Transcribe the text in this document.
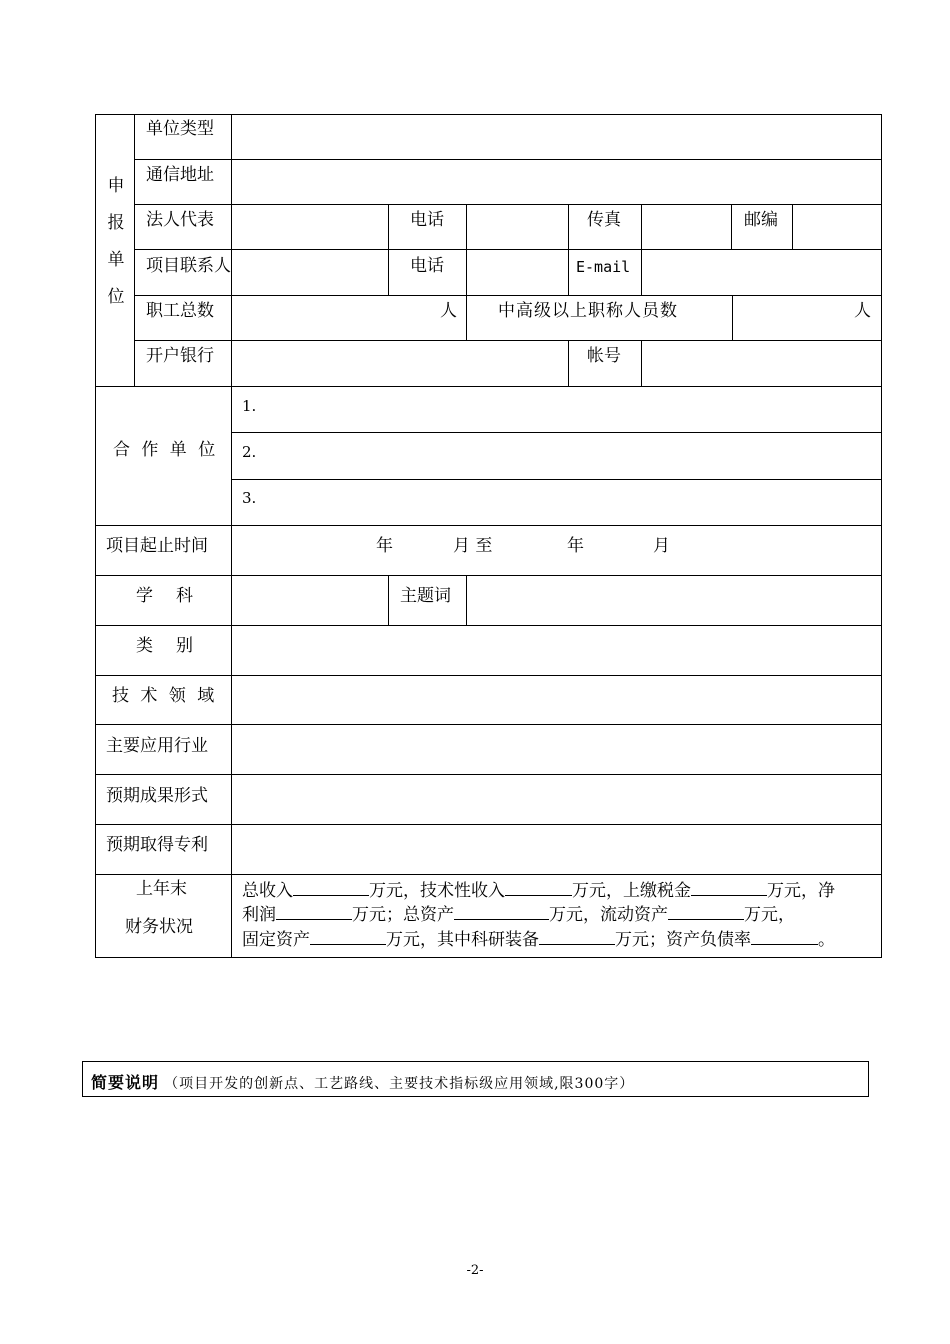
申
报
单
位
单位类型
通信地址
法人代表	电话	传真	邮编
项目联系人	电话	E-mail
职工总数	人 中高级以上职称人员数	人
开户银行	帐号
合 作 单 位
1.
2.
3.
项目起止时间	年	月 至	年	月
学　科	主题词
类　别
技 术 领 域
主要应用行业
预期成果形式
预期取得专利
上年末
财务状况
总收入	万元，技术性收入	万元，上缴税金	万元，净
利润	万元；总资产	万元，流动资产	万元，
固定资产	万元，其中科研装备	万元；资产负债率	。
简要说明 （项目开发的创新点、工艺路线、主要技术指标级应用领域,限300字）
-2-
